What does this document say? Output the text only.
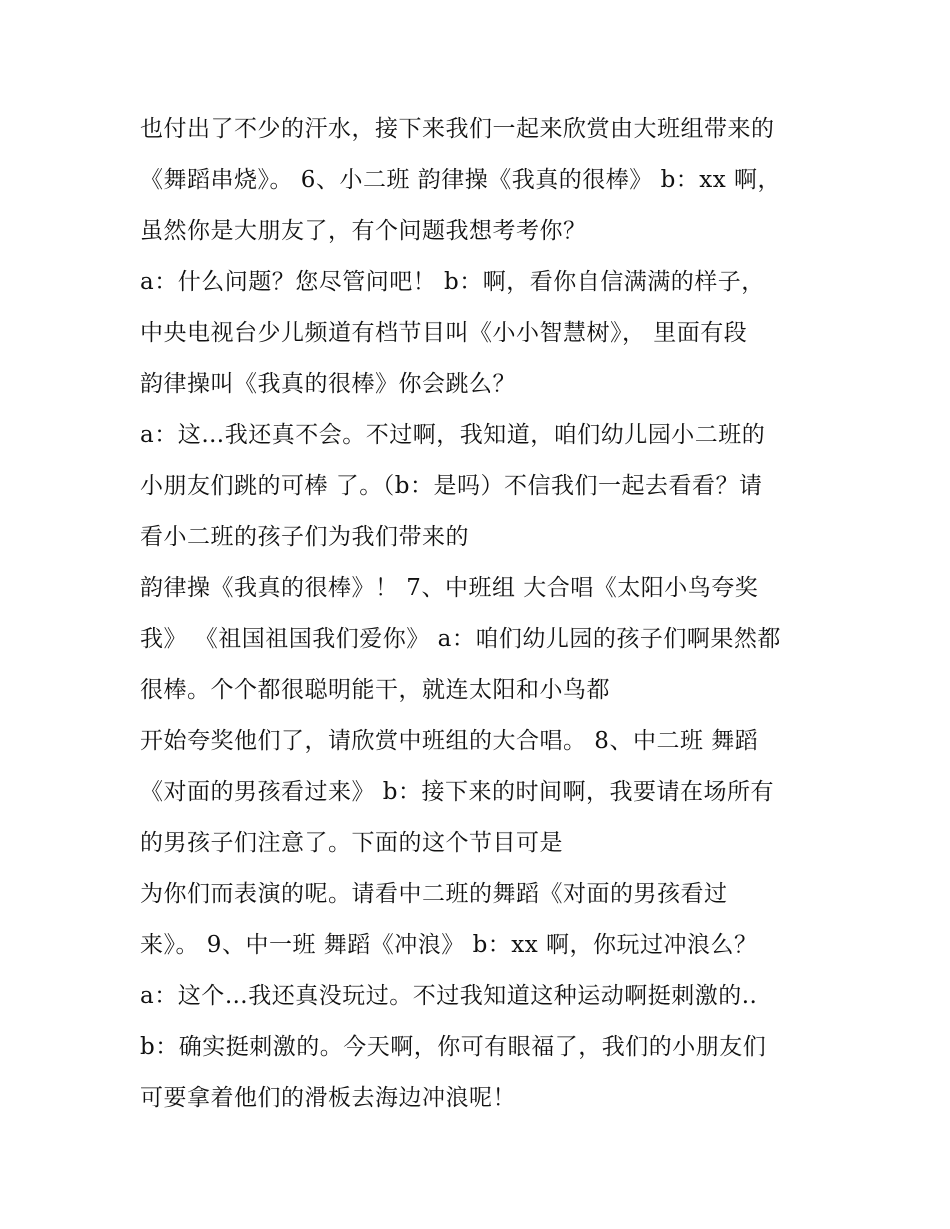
也付出了不少的汗水，接下来我们一起来欣赏由大班组带来的
《舞蹈串烧》。 6、小二班 韵律操《我真的很棒》 b：xx 啊，
虽然你是大朋友了，有个问题我想考考你？
a：什么问题？您尽管问吧！ b：啊，看你自信满满的样子，
中央电视台少儿频道有档节目叫《小小智慧树》， 里面有段
韵律操叫《我真的很棒》你会跳么？
a：这…我还真不会。不过啊，我知道，咱们幼儿园小二班的
小朋友们跳的可棒 了。（b：是吗）不信我们一起去看看？请
看小二班的孩子们为我们带来的
韵律操《我真的很棒》！ 7、中班组 大合唱《太阳小鸟夸奖
我》 《祖国祖国我们爱你》 a：咱们幼儿园的孩子们啊果然都
很棒。个个都很聪明能干，就连太阳和小鸟都
开始夸奖他们了，请欣赏中班组的大合唱。 8、中二班 舞蹈
《对面的男孩看过来》 b：接下来的时间啊，我要请在场所有
的男孩子们注意了。下面的这个节目可是
为你们而表演的呢。请看中二班的舞蹈《对面的男孩看过
来》。 9、中一班 舞蹈《冲浪》 b：xx 啊，你玩过冲浪么？
a：这个…我还真没玩过。不过我知道这种运动啊挺刺激的..
b：确实挺刺激的。今天啊，你可有眼福了，我们的小朋友们
可要拿着他们的滑板去海边冲浪呢！
